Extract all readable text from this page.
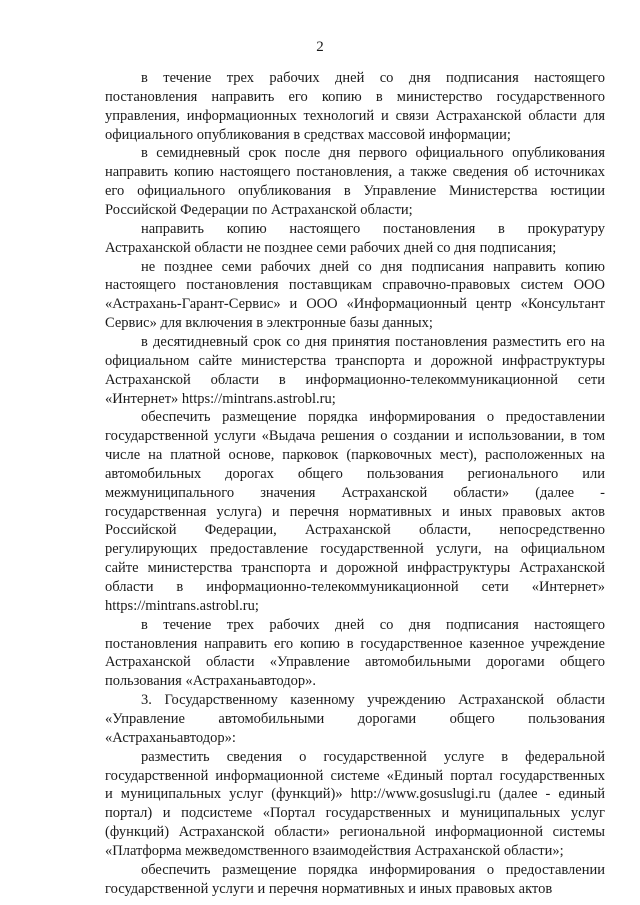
2
в течение трех рабочих дней со дня подписания настоящего
постановления направить его копию в министерство государственного
управления, информационных технологий и связи Астраханской области для
официального опубликования в средствах массовой информации;
в семидневный срок после дня первого официального опубликования
направить копию настоящего постановления, а также сведения об источниках
его официального опубликования в Управление Министерства юстиции
Российской Федерации по Астраханской области;
направить копию настоящего постановления в прокуратуру
Астраханской области не позднее семи рабочих дней со дня подписания;
не позднее семи рабочих дней со дня подписания направить копию
настоящего постановления поставщикам справочно-правовых систем ООО
«Астрахань-Гарант-Сервис» и ООО «Информационный центр «Консультант
Сервис» для включения в электронные базы данных;
в десятидневный срок со дня принятия постановления разместить его на
официальном сайте министерства транспорта и дорожной инфраструктуры
Астраханской области в информационно-телекоммуникационной сети
«Интернет» https://mintrans.astrobl.ru;
обеспечить размещение порядка информирования о предоставлении
государственной услуги «Выдача решения о создании и использовании, в том
числе на платной основе, парковок (парковочных мест), расположенных на
автомобильных дорогах общего пользования регионального или
межмуниципального значения Астраханской области» (далее -
государственная услуга) и перечня нормативных и иных правовых актов
Российской Федерации, Астраханской области, непосредственно
регулирующих предоставление государственной услуги, на официальном
сайте министерства транспорта и дорожной инфраструктуры Астраханской
области в информационно-телекоммуникационной сети «Интернет»
https://mintrans.astrobl.ru;
в течение трех рабочих дней со дня подписания настоящего
постановления направить его копию в государственное казенное учреждение
Астраханской области «Управление автомобильными дорогами общего
пользования «Астраханьавтодор».
3. Государственному казенному учреждению Астраханской области
«Управление автомобильными дорогами общего пользования
«Астраханьавтодор»:
разместить сведения о государственной услуге в федеральной
государственной информационной системе «Единый портал государственных
и муниципальных услуг (функций)» http://www.gosuslugi.ru (далее - единый
портал) и подсистеме «Портал государственных и муниципальных услуг
(функций) Астраханской области» региональной информационной системы
«Платформа межведомственного взаимодействия Астраханской области»;
обеспечить размещение порядка информирования о предоставлении
государственной услуги и перечня нормативных и иных правовых актов
